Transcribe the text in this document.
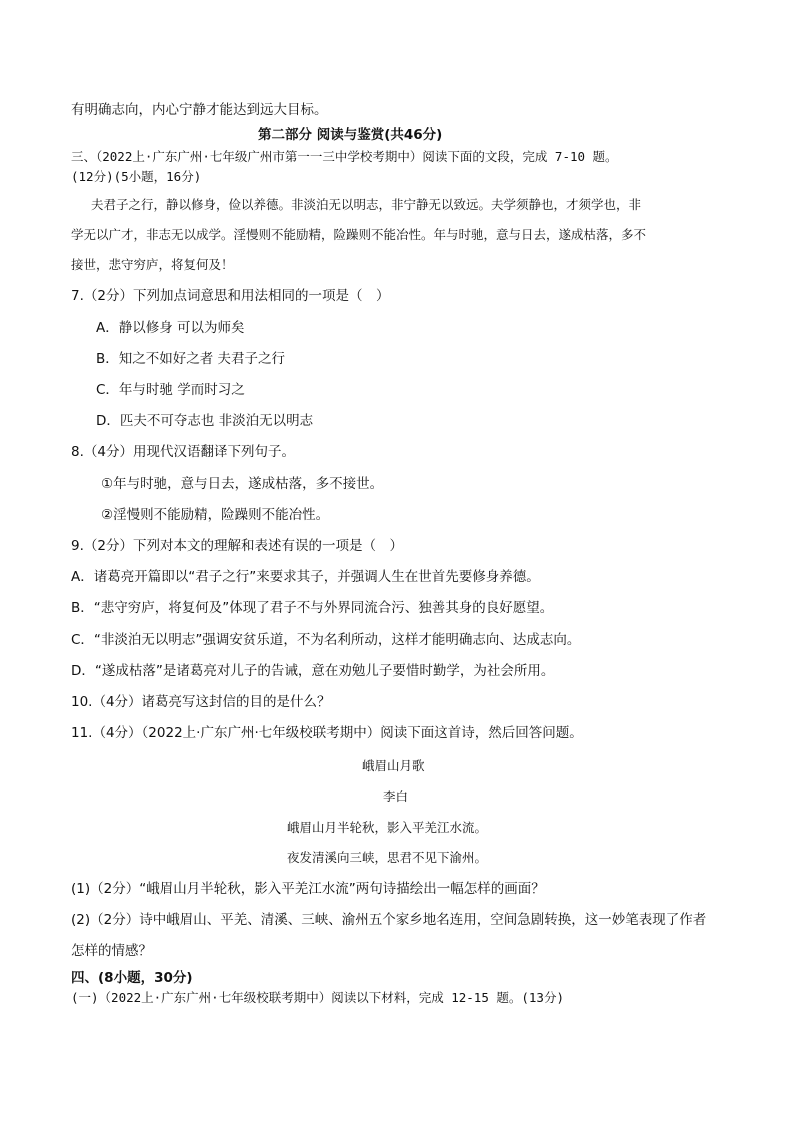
有明确志向，内心宁静才能达到远大目标。
第二部分 阅读与鉴赏(共46分)
三、（2022上·广东广州·七年级广州市第一一三中学校考期中）阅读下面的文段，完成 7-10 题。
(12分)(5小题，16分)
夫君子之行，静以修身，俭以养德。非淡泊无以明志，非宁静无以致远。夫学须静也，才须学也，非
学无以广才，非志无以成学。淫慢则不能励精，险躁则不能冶性。年与时驰，意与日去，遂成枯落，多不
接世，悲守穷庐，将复何及！
7.（2分）下列加点词意思和用法相同的一项是（　）
A．静以修身 可以为师矣
B．知之不如好之者 夫君子之行
C．年与时驰 学而时习之
D．匹夫不可夺志也 非淡泊无以明志
8.（4分）用现代汉语翻译下列句子。
①年与时驰，意与日去，遂成枯落，多不接世。
②淫慢则不能励精，险躁则不能冶性。
9.（2分）下列对本文的理解和表述有误的一项是（　）
A．诸葛亮开篇即以“君子之行”来要求其子，并强调人生在世首先要修身养德。
B．“悲守穷庐，将复何及”体现了君子不与外界同流合污、独善其身的良好愿望。
C．“非淡泊无以明志”强调安贫乐道，不为名利所动，这样才能明确志向、达成志向。
D．“遂成枯落”是诸葛亮对儿子的告诫，意在劝勉儿子要惜时勤学，为社会所用。
10.（4分）诸葛亮写这封信的目的是什么？
11.（4分）（2022上·广东广州·七年级校联考期中）阅读下面这首诗，然后回答问题。
峨眉山月歌
李白
峨眉山月半轮秋，影入平羌江水流。
夜发清溪向三峡，思君不见下渝州。
(1)（2分）“峨眉山月半轮秋，影入平羌江水流”两句诗描绘出一幅怎样的画面？
(2)（2分）诗中峨眉山、平羌、清溪、三峡、渝州五个家乡地名连用，空间急剧转换，这一妙笔表现了作者
怎样的情感？
四、(8小题，30分)
(一)（2022上·广东广州·七年级校联考期中）阅读以下材料，完成 12-15 题。(13分)
